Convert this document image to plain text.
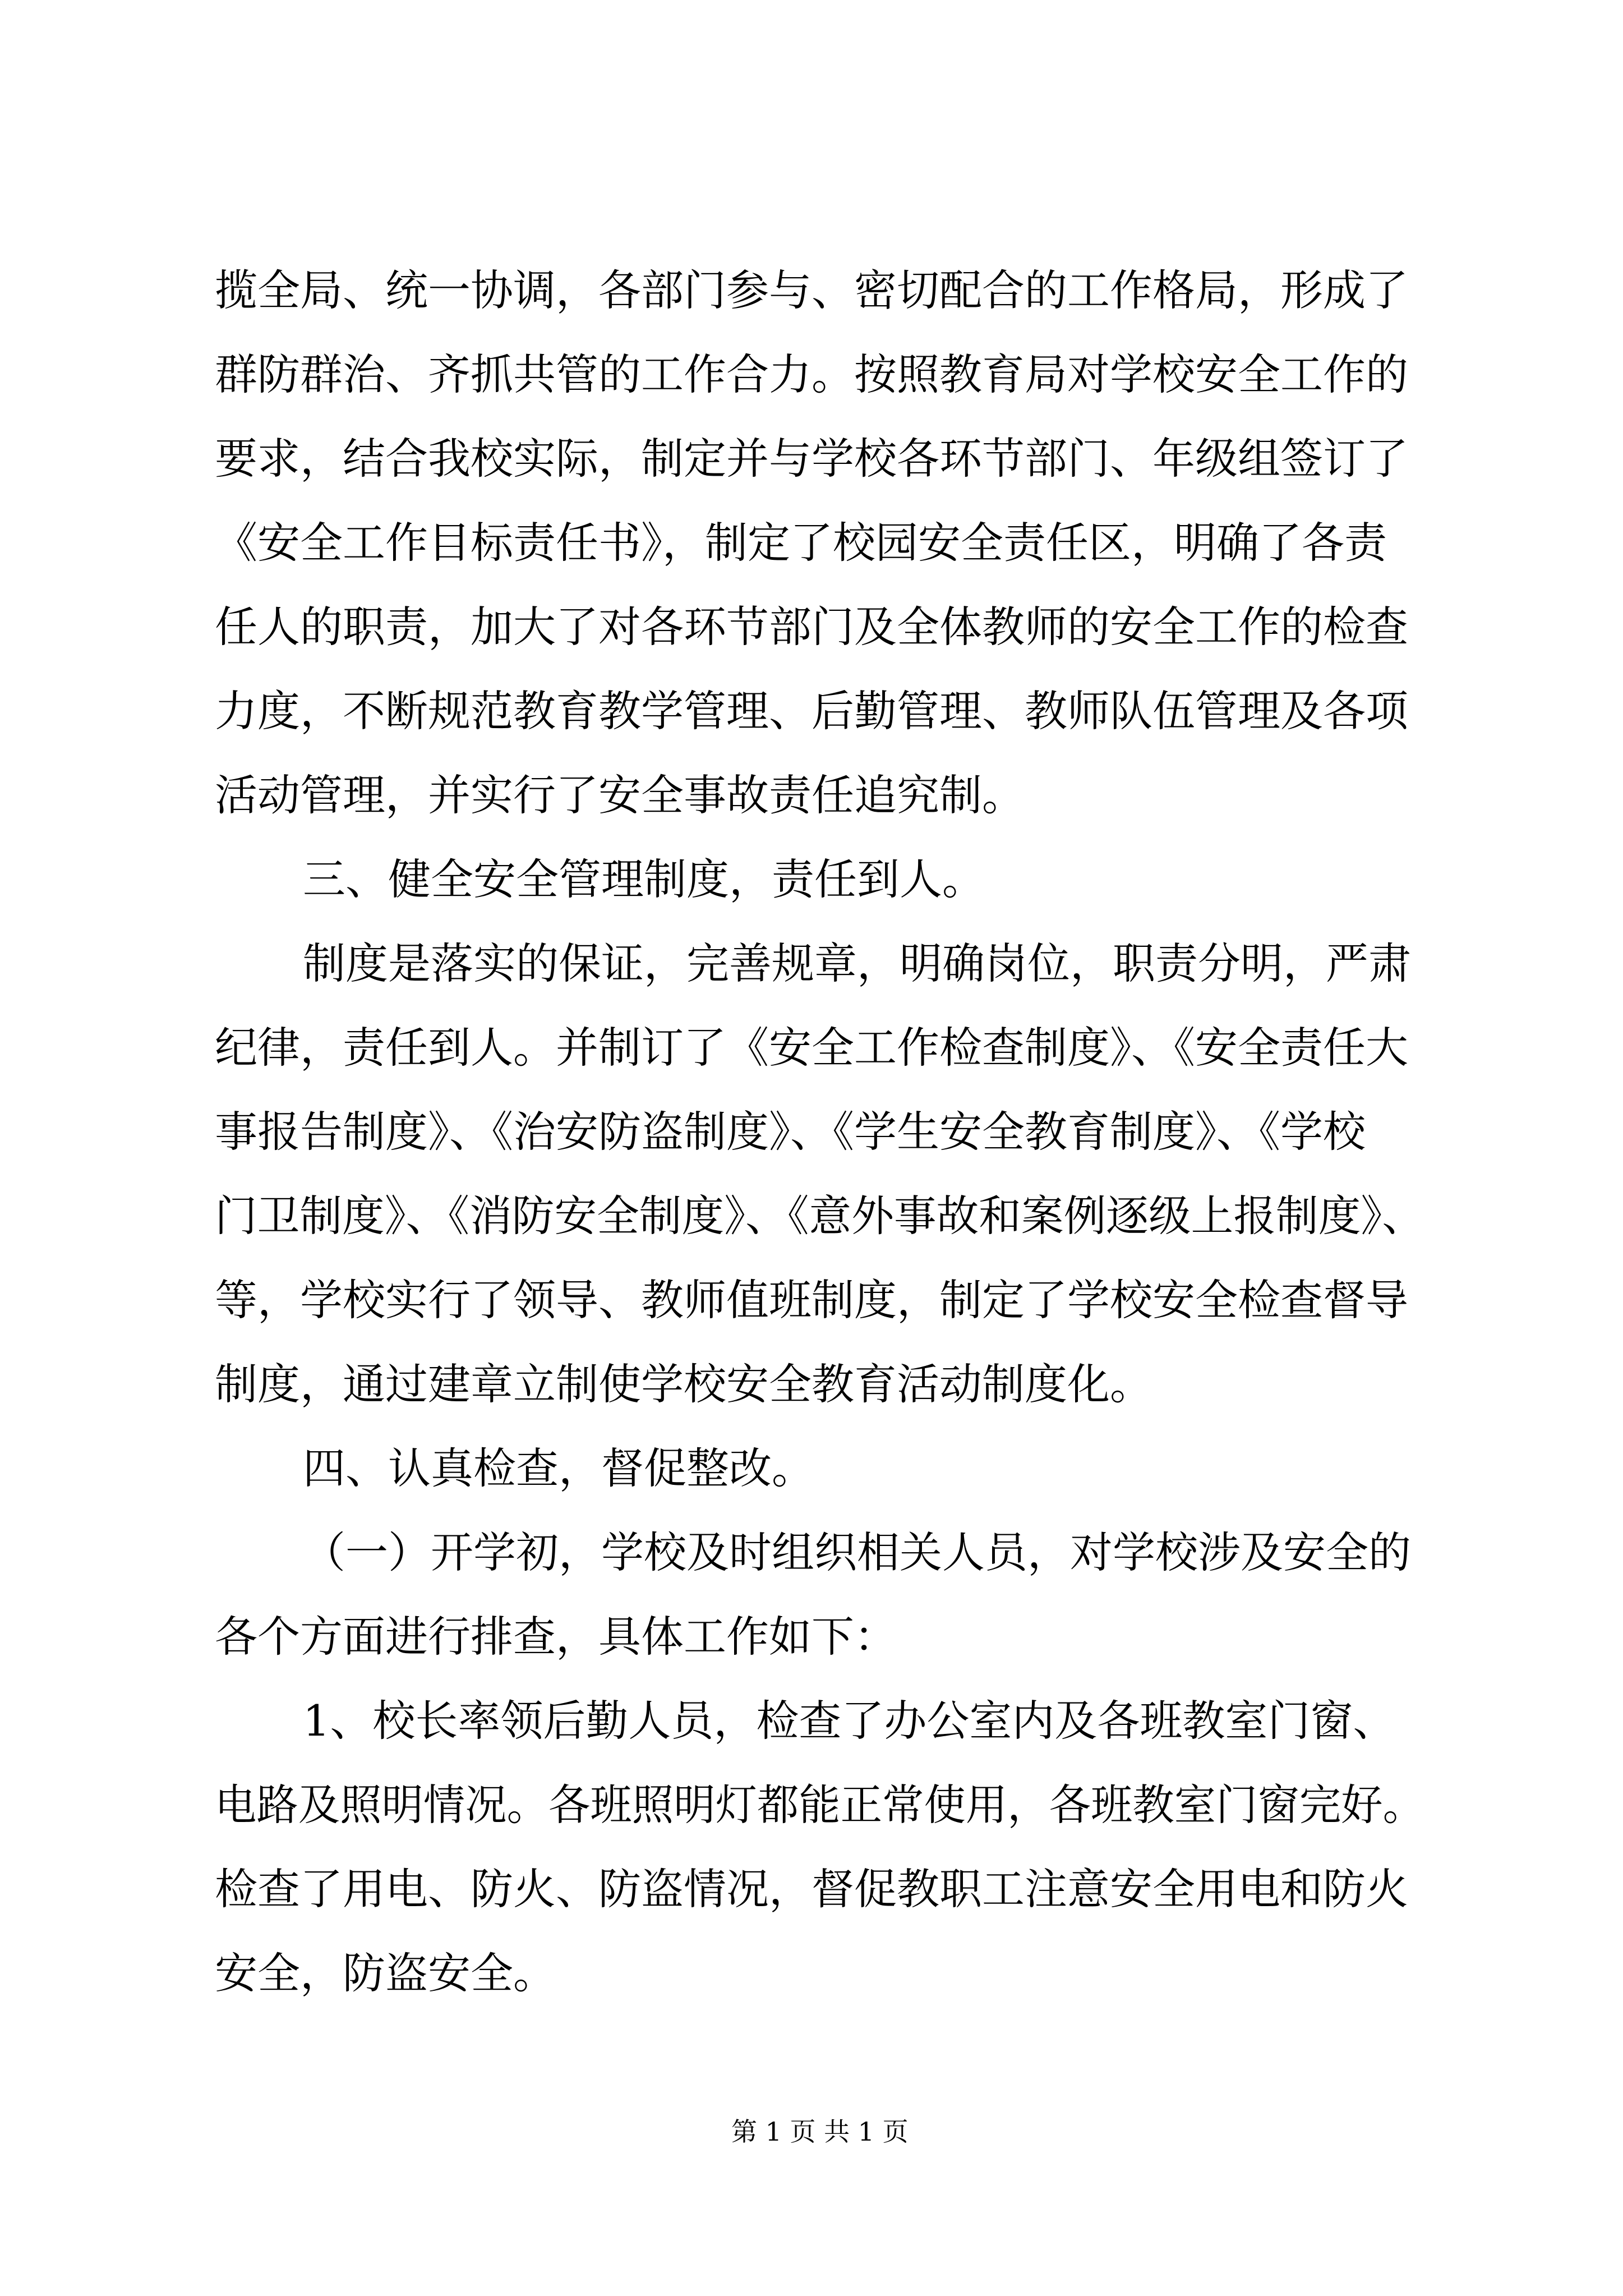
揽全局、统一协调，各部门参与、密切配合的工作格局，形成了

群防群治、齐抓共管的工作合力。按照教育局对学校安全工作的

要求，结合我校实际，制定并与学校各环节部门、年级组签订了

《安全工作目标责任书》，制定了校园安全责任区，明确了各责

任人的职责，加大了对各环节部门及全体教师的安全工作的检查

力度，不断规范教育教学管理、后勤管理、教师队伍管理及各项

活动管理，并实行了安全事故责任追究制。

三、健全安全管理制度，责任到人。

制度是落实的保证，完善规章，明确岗位，职责分明，严肃

纪律，责任到人。并制订了《安全工作检查制度》、《安全责任大

事报告制度》、《治安防盗制度》、《学生安全教育制度》、《学校

门卫制度》、《消防安全制度》、《意外事故和案例逐级上报制度》、

等，学校实行了领导、教师值班制度，制定了学校安全检查督导

制度，通过建章立制使学校安全教育活动制度化。

四、认真检查，督促整改。

（一）开学初，学校及时组织相关人员，对学校涉及安全的

各个方面进行排查，具体工作如下：

1、校长率领后勤人员，检查了办公室内及各班教室门窗、

电路及照明情况。各班照明灯都能正常使用，各班教室门窗完好。

检查了用电、防火、防盗情况，督促教职工注意安全用电和防火

安全，防盗安全。

第 1 页 共 1 页
